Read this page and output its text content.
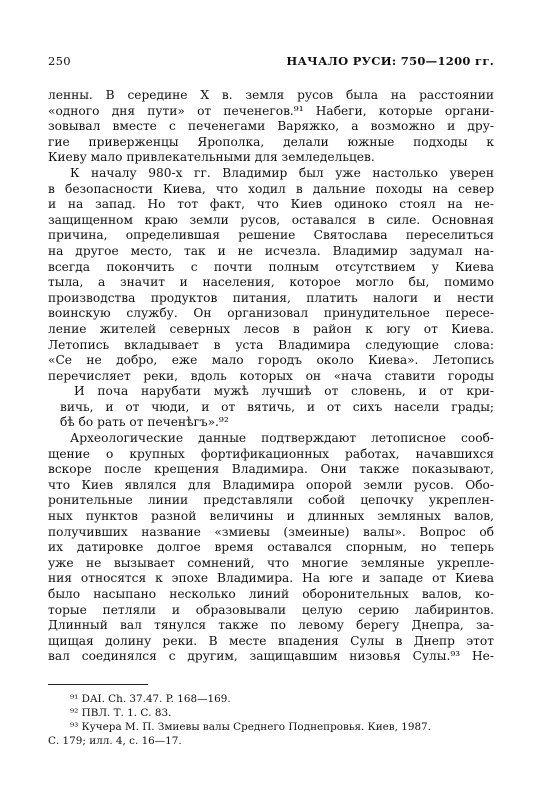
250	НАЧАЛО РУСИ: 750—1200 гг.
ленны. В середине X в. земля русов была на расстоянии
«одного дня пути» от печенегов.⁹¹ Набеги, которые органи-
зовывал вместе с печенегами Варяжко, а возможно и дру-
гие приверженцы Ярополка, делали южные подходы к
Киеву мало привлекательными для земледельцев.
К началу 980-х гг. Владимир был уже настолько уверен
в безопасности Киева, что ходил в дальние походы на север
и на запад. Но тот факт, что Киев одиноко стоял на не-
защищенном краю земли русов, оставался в силе. Основная
причина, определившая решение Святослава переселиться
на другое место, так и не исчезла. Владимир задумал на-
всегда покончить с почти полным отсутствием у Киева
тыла, а значит и населения, которое могло бы, помимо
производства продуктов питания, платить налоги и нести
воинскую службу. Он организовал принудительное пересе-
ление жителей северных лесов в район к югу от Киева.
Летопись вкладывает в уста Владимира следующие слова:
«Се не добро, еже мало городъ около Киева». Летопись
перечисляет реки, вдоль которых он «нача ставити городы
И поча нарубати мужѣ лучшиѣ от словень, и от кри-
вичь, и от чюди, и от вятичь, и от сихъ насели грады;
бѣ бо рать от печенѣгъ».⁹²
Археологические данные подтверждают летописное сооб-
щение о крупных фортификационных работах, начавшихся
вскоре после крещения Владимира. Они также показывают,
что Киев являлся для Владимира опорой земли русов. Обо-
ронительные линии представляли собой цепочку укреплен-
ных пунктов разной величины и длинных земляных валов,
получивших название «змиевы (змеиные) валы». Вопрос об
их датировке долгое время оставался спорным, но теперь
уже не вызывает сомнений, что многие земляные укрепле-
ния относятся к эпохе Владимира. На юге и западе от Киева
было насыпано несколько линий оборонительных валов, ко-
торые петляли и образовывали целую серию лабиринтов.
Длинный вал тянулся также по левому берегу Днепра, за-
щищая долину реки. В месте впадения Сулы в Днепр этот
вал соединялся с другим, защищавшим низовья Сулы.⁹³ Не-
⁹¹ DAI. Ch. 37.47. P. 168—169.
⁹² ПВЛ. Т. 1. С. 83.
⁹³ Кучера М. П. Змиевы валы Среднего Поднепровья. Киев, 1987.
С. 179; илл. 4, с. 16—17.
